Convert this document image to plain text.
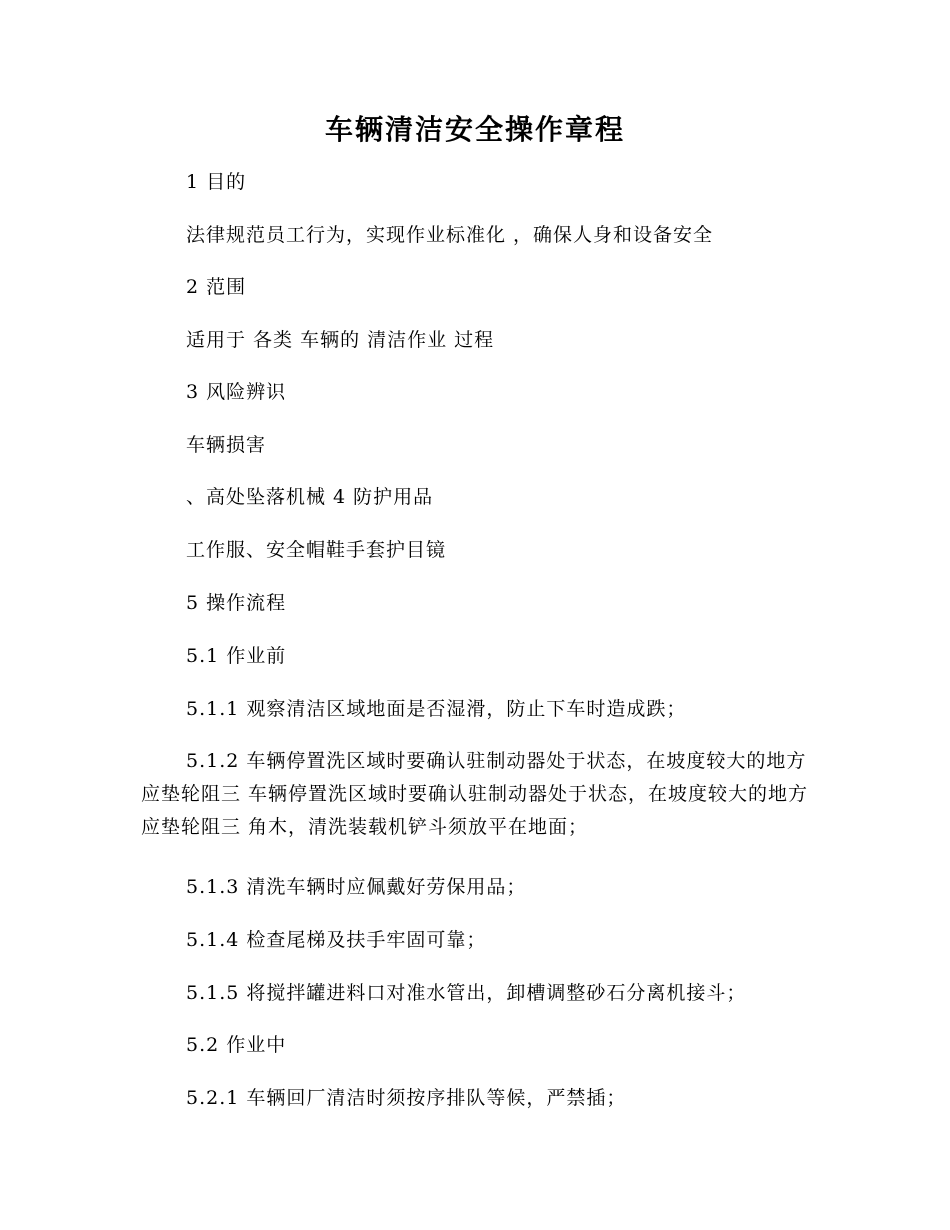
车辆清洁安全操作章程
1 目的
法律规范员工行为，实现作业标准化 ，确保人身和设备安全
2 范围
适用于 各类 车辆的 清洁作业 过程
3 风险辨识
车辆损害
、高处坠落机械 4 防护用品
工作服、安全帽鞋手套护目镜
5 操作流程
5.1 作业前
5.1.1 观察清洁区域地面是否湿滑，防止下车时造成跌；
5.1.2 车辆停置洗区域时要确认驻制动器处于状态，在坡度较大的地方应垫轮阻三 车辆停置洗区域时要确认驻制动器处于状态，在坡度较大的地方应垫轮阻三 角木，清洗装载机铲斗须放平在地面；
5.1.3 清洗车辆时应佩戴好劳保用品；
5.1.4 检查尾梯及扶手牢固可靠；
5.1.5 将搅拌罐进料口对准水管出，卸槽调整砂石分离机接斗；
5.2 作业中
5.2.1 车辆回厂清洁时须按序排队等候，严禁插；
